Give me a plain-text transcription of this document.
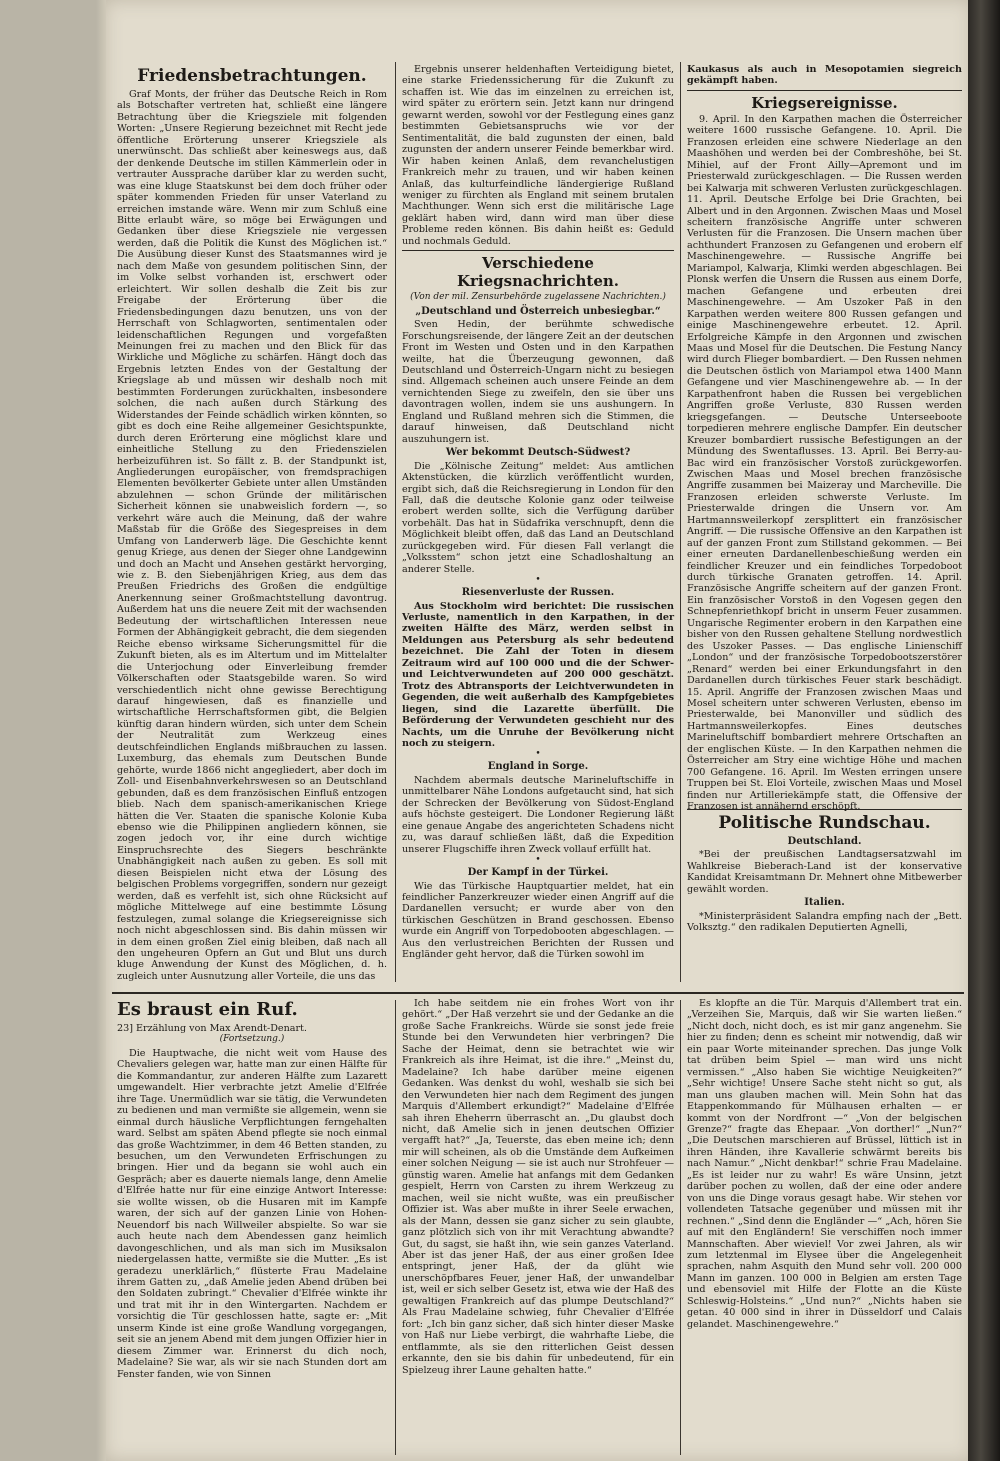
Friedensbetrachtungen.

Graf Monts, der früher das Deutsche Reich in Rom als Botschafter vertreten hat, schließt eine längere Betrachtung über die Kriegsziele mit folgenden Worten: „Unsere Regierung bezeichnet mit Recht jede öffentliche Erörterung unserer Kriegsziele als unerwünscht. Das schließt aber keineswegs aus, daß der denkende Deutsche im stillen Kämmerlein oder in vertrauter Aussprache darüber klar zu werden sucht, was eine kluge Staatskunst bei dem doch früher oder später kommenden Frieden für unser Vaterland zu erreichen imstande wäre. Wenn mir zum Schluß eine Bitte erlaubt wäre, so möge bei Erwägungen und Gedanken über diese Kriegsziele nie vergessen werden, daß die Politik die Kunst des Möglichen ist.“ Die Ausübung dieser Kunst des Staatsmannes wird je nach dem Maße von gesundem politischen Sinn, der im Volke selbst vorhanden ist, erschwert oder erleichtert. Wir sollen deshalb die Zeit bis zur Freigabe der Erörterung über die Friedensbedingungen dazu benutzen, uns von der Herrschaft von Schlagworten, sentimentalen oder leidenschaftlichen Regungen und vorgefaßten Meinungen frei zu machen und den Blick für das Wirkliche und Mögliche zu schärfen. Hängt doch das Ergebnis letzten Endes von der Gestaltung der Kriegslage ab und müssen wir deshalb noch mit bestimmten Forderungen zurückhalten, insbesondere solchen, die nach außen durch Stärkung des Widerstandes der Feinde schädlich wirken könnten, so gibt es doch eine Reihe allgemeiner Gesichtspunkte, durch deren Erörterung eine möglichst klare und einheitliche Stellung zu den Friedenszielen herbeizuführen ist. So fällt z. B. der Standpunkt ist, Angliederungen europäischer, von fremdsprachigen Elementen bevölkerter Gebiete unter allen Umständen abzulehnen — schon Gründe der militärischen Sicherheit können sie unabweislich fordern —, so verkehrt wäre auch die Meinung, daß der wahre Maßstab für die Größe des Siegespreises in dem Umfang von Landerwerb läge. Die Geschichte kennt genug Kriege, aus denen der Sieger ohne Landgewinn und doch an Macht und Ansehen gestärkt hervorging, wie z. B. den Siebenjährigen Krieg, aus dem das Preußen Friedrichs des Großen die endgültige Anerkennung seiner Großmachtstellung davontrug. Außerdem hat uns die neuere Zeit mit der wachsenden Bedeutung der wirtschaftlichen Interessen neue Formen der Abhängigkeit gebracht, die dem siegenden Reiche ebenso wirksame Sicherungsmittel für die Zukunft bieten, als es im Altertum und im Mittelalter die Unterjochung oder Einverleibung fremder Völkerschaften oder Staatsgebilde waren. So wird verschiedentlich nicht ohne gewisse Berechtigung darauf hingewiesen, daß es finanzielle und wirtschaftliche Herrschaftsformen gibt, die Belgien künftig daran hindern würden, sich unter dem Schein der Neutralität zum Werkzeug eines deutschfeindlichen Englands mißbrauchen zu lassen. Luxemburg, das ehemals zum Deutschen Bunde gehörte, wurde 1866 nicht angegliedert, aber doch im Zoll- und Eisenbahnverkehrswesen so an Deutschland gebunden, daß es dem französischen Einfluß entzogen blieb. Nach dem spanisch-amerikanischen Kriege hätten die Ver. Staaten die spanische Kolonie Kuba ebenso wie die Philippinen angliedern können, sie zogen jedoch vor, ihr eine durch wichtige Einspruchsrechte des Siegers beschränkte Unabhängigkeit nach außen zu geben. Es soll mit diesen Beispielen nicht etwa der Lösung des belgischen Problems vorgegriffen, sondern nur gezeigt werden, daß es verfehlt ist, sich ohne Rücksicht auf mögliche Mittelwege auf eine bestimmte Lösung festzulegen, zumal solange die Kriegsereignisse sich noch nicht abgeschlossen sind. Bis dahin müssen wir in dem einen großen Ziel einig bleiben, daß nach all den ungeheuren Opfern an Gut und Blut uns durch kluge Anwendung der Kunst des Möglichen, d. h. zugleich unter Ausnutzung aller Vorteile, die uns das

Ergebnis unserer heldenhaften Verteidigung bietet, eine starke Friedenssicherung für die Zukunft zu schaffen ist. Wie das im einzelnen zu erreichen ist, wird später zu erörtern sein. Jetzt kann nur dringend gewarnt werden, sowohl vor der Festlegung eines ganz bestimmten Gebietsanspruchs wie vor der Sentimentalität, die bald zugunsten der einen, bald zugunsten der andern unserer Feinde bemerkbar wird. Wir haben keinen Anlaß, dem revanchelustigen Frankreich mehr zu trauen, und wir haben keinen Anlaß, das kulturfeindliche ländergierige Rußland weniger zu fürchten als England mit seinem brutalen Machthunger. Wenn sich erst die militärische Lage geklärt haben wird, dann wird man über diese Probleme reden können. Bis dahin heißt es: Geduld und nochmals Geduld.

Verschiedene Kriegsnachrichten.
(Von der mil. Zensurbehörde zugelassene Nachrichten.)
„Deutschland und Österreich unbesiegbar.“

Sven Hedin, der berühmte schwedische Forschungsreisende, der längere Zeit an der deutschen Front im Westen und Osten und in den Karpathen weilte, hat die Überzeugung gewonnen, daß Deutschland und Österreich-Ungarn nicht zu besiegen sind. Allgemach scheinen auch unsere Feinde an dem vernichtenden Siege zu zweifeln, den sie über uns davontragen wollen, indem sie uns aushungern. In England und Rußland mehren sich die Stimmen, die darauf hinweisen, daß Deutschland nicht auszuhungern ist.

Wer bekommt Deutsch-Südwest?

Die „Kölnische Zeitung“ meldet: Aus amtlichen Aktenstücken, die kürzlich veröffentlicht wurden, ergibt sich, daß die Reichsregierung in London für den Fall, daß die deutsche Kolonie ganz oder teilweise erobert werden sollte, sich die Verfügung darüber vorbehält. Das hat in Südafrika verschnupft, denn die Möglichkeit bleibt offen, daß das Land an Deutschland zurückgegeben wird. Für diesen Fall verlangt die „Volksstem“ schon jetzt eine Schadloshaltung an anderer Stelle.

•
Riesenverluste der Russen.

Aus Stockholm wird berichtet: Die russischen Verluste, namentlich in den Karpathen, in der zweiten Hälfte des März, werden selbst in Meldungen aus Petersburg als sehr bedeutend bezeichnet. Die Zahl der Toten in diesem Zeitraum wird auf 100 000 und die der Schwer- und Leichtverwundeten auf 200 000 geschätzt. Trotz des Abtransports der Leichtverwundeten in Gegenden, die weit außerhalb des Kampfgebietes liegen, sind die Lazarette überfüllt. Die Beförderung der Verwundeten geschieht nur des Nachts, um die Unruhe der Bevölkerung nicht noch zu steigern.

•
England in Sorge.

Nachdem abermals deutsche Marineluftschiffe in unmittelbarer Nähe Londons aufgetaucht sind, hat sich der Schrecken der Bevölkerung von Südost-England aufs höchste gesteigert. Die Londoner Regierung läßt eine genaue Angabe des angerichteten Schadens nicht zu, was darauf schließen läßt, daß die Expedition unserer Flugschiffe ihren Zweck vollauf erfüllt hat.

•
Der Kampf in der Türkei.

Wie das Türkische Hauptquartier meldet, hat ein feindlicher Panzerkreuzer wieder einen Angriff auf die Dardanellen versucht; er wurde aber von den türkischen Geschützen in Brand geschossen. Ebenso wurde ein Angriff von Torpedobooten abgeschlagen. — Aus den verlustreichen Berichten der Russen und Engländer geht hervor, daß die Türken sowohl im

Kaukasus als auch in Mesopotamien siegreich gekämpft haben.

Kriegsereignisse.

9. April. In den Karpathen machen die Österreicher weitere 1600 russische Gefangene. 10. April. Die Franzosen erleiden eine schwere Niederlage an den Maashöhen und werden bei der Combreshöhe, bei St. Mihiel, auf der Front Ailly—Apremont und im Priesterwald zurückgeschlagen. — Die Russen werden bei Kalwarja mit schweren Verlusten zurückgeschlagen. 11. April. Deutsche Erfolge bei Drie Grachten, bei Albert und in den Argonnen. Zwischen Maas und Mosel scheitern französische Angriffe unter schweren Verlusten für die Franzosen. Die Unsern machen über achthundert Franzosen zu Gefangenen und erobern elf Maschinengewehre. — Russische Angriffe bei Mariampol, Kalwarja, Klimki werden abgeschlagen. Bei Plonsk werfen die Unsern die Russen aus einem Dorfe, machen Gefangene und erbeuten drei Maschinengewehre. — Am Uszoker Paß in den Karpathen werden weitere 800 Russen gefangen und einige Maschinengewehre erbeutet. 12. April. Erfolgreiche Kämpfe in den Argonnen und zwischen Maas und Mosel für die Deutschen. Die Festung Nancy wird durch Flieger bombardiert. — Den Russen nehmen die Deutschen östlich von Mariampol etwa 1400 Mann Gefangene und vier Maschinengewehre ab. — In der Karpathenfront haben die Russen bei vergeblichen Angriffen große Verluste, 830 Russen werden kriegsgefangen. — Deutsche Unterseeboote torpedieren mehrere englische Dampfer. Ein deutscher Kreuzer bombardiert russische Befestigungen an der Mündung des Swentaflusses. 13. April. Bei Berry-au-Bac wird ein französischer Vorstoß zurückgeworfen. Zwischen Maas und Mosel brechen französische Angriffe zusammen bei Maizeray und Marcheville. Die Franzosen erleiden schwerste Verluste. Im Priesterwalde dringen die Unsern vor. Am Hartmannsweilerkopf zersplittert ein französischer Angriff. — Die russische Offensive an den Karpathen ist auf der ganzen Front zum Stillstand gekommen. — Bei einer erneuten Dardanellenbeschießung werden ein feindlicher Kreuzer und ein feindliches Torpedoboot durch türkische Granaten getroffen. 14. April. Französische Angriffe scheitern auf der ganzen Front. Ein französischer Vorstoß in den Vogesen gegen den Schnepfenriethkopf bricht in unserm Feuer zusammen. Ungarische Regimenter erobern in den Karpathen eine bisher von den Russen gehaltene Stellung nordwestlich des Uszoker Passes. — Das englische Linienschiff „London“ und der französische Torpedobootszerstörer „Renard“ werden bei einer Erkundungsfahrt in den Dardanellen durch türkisches Feuer stark beschädigt. 15. April. Angriffe der Franzosen zwischen Maas und Mosel scheitern unter schweren Verlusten, ebenso im Priesterwalde, bei Manonviller und südlich des Hartmannsweilerkopfes. Eines deutsches Marineluftschiff bombardiert mehrere Ortschaften an der englischen Küste. — In den Karpathen nehmen die Österreicher am Stry eine wichtige Höhe und machen 700 Gefangene. 16. April. Im Westen erringen unsere Truppen bei St. Eloi Vorteile, zwischen Maas und Mosel finden nur Artilleriekämpfe statt, die Offensive der Franzosen ist annähernd erschöpft.

Politische Rundschau.
Deutschland.

*Bei der preußischen Landtagsersatzwahl im Wahlkreise Bieberach-Land ist der konservative Kandidat Kreisamtmann Dr. Mehnert ohne Mitbewerber gewählt worden.

Italien.

*Ministerpräsident Salandra empfing nach der „Bett. Volksztg.“ den radikalen Deputierten Agnelli,

Es braust ein Ruf.
23] Erzählung von Max Arendt-Denart.
(Fortsetzung.)

Die Hauptwache, die nicht weit vom Hause des Chevaliers gelegen war, hatte man zur einen Hälfte für die Kommandantur, zur anderen Hälfte zum Lazarett umgewandelt. Hier verbrachte jetzt Amelie d'Elfrée ihre Tage. Unermüdlich war sie tätig, die Verwundeten zu bedienen und man vermißte sie allgemein, wenn sie einmal durch häusliche Verpflichtungen ferngehalten ward. Selbst am späten Abend pflegte sie noch einmal das große Wachtzimmer, in dem 46 Betten standen, zu besuchen, um den Verwundeten Erfrischungen zu bringen. Hier und da begann sie wohl auch ein Gespräch; aber es dauerte niemals lange, denn Amelie d'Elfrée hatte nur für eine einzige Antwort Interesse: sie wollte wissen, ob die Husaren mit im Kampfe waren, der sich auf der ganzen Linie von Hohen-Neuendorf bis nach Willweiler abspielte. So war sie auch heute nach dem Abendessen ganz heimlich davongeschlichen, und als man sich im Musiksalon niedergelassen hatte, vermißte sie die Mutter. „Es ist geradezu unerklärlich,“ flüsterte Frau Madelaine ihrem Gatten zu, „daß Amelie jeden Abend drüben bei den Soldaten zubringt.“ Chevalier d'Elfrée winkte ihr und trat mit ihr in den Wintergarten. Nachdem er vorsichtig die Tür geschlossen hatte, sagte er: „Mit unserm Kinde ist eine große Wandlung vorgegangen, seit sie an jenem Abend mit dem jungen Offizier hier in diesem Zimmer war. Erinnerst du dich noch, Madelaine? Sie war, als wir sie nach Stunden dort am Fenster fanden, wie von Sinnen

Ich habe seitdem nie ein frohes Wort von ihr gehört.“ „Der Haß verzehrt sie und der Gedanke an die große Sache Frankreichs. Würde sie sonst jede freie Stunde bei den Verwundeten hier verbringen? Die Sache der Heimat, denn sie betrachtet wie wir Frankreich als ihre Heimat, ist die ihre.“ „Meinst du, Madelaine? Ich habe darüber meine eigenen Gedanken. Was denkst du wohl, weshalb sie sich bei den Verwundeten hier nach dem Regiment des jungen Marquis d'Allembert erkundigt?“ Madelaine d'Elfrée sah ihren Eheherrn überrascht an. „Du glaubst doch nicht, daß Amelie sich in jenen deutschen Offizier vergafft hat?“ „Ja, Teuerste, das eben meine ich; denn mir will scheinen, als ob die Umstände dem Aufkeimen einer solchen Neigung — sie ist auch nur Strohfeuer — günstig waren. Amelie hat anfangs mit dem Gedanken gespielt, Herrn von Carsten zu ihrem Werkzeug zu machen, weil sie nicht wußte, was ein preußischer Offizier ist. Was aber mußte in ihrer Seele erwachen, als der Mann, dessen sie ganz sicher zu sein glaubte, ganz plötzlich sich von ihr mit Verachtung abwandte? Gut, du sagst, sie haßt ihn, wie sein ganzes Vaterland. Aber ist das jener Haß, der aus einer großen Idee entspringt, jener Haß, der da glüht wie unerschöpfbares Feuer, jener Haß, der unwandelbar ist, weil er sich selber Gesetz ist, etwa wie der Haß des gewaltigen Frankreich auf das plumpe Deutschland?“ Als Frau Madelaine schwieg, fuhr Chevalier d'Elfrée fort: „Ich bin ganz sicher, daß sich hinter dieser Maske von Haß nur Liebe verbirgt, die wahrhafte Liebe, die entflammte, als sie den ritterlichen Geist dessen erkannte, den sie bis dahin für unbedeutend, für ein Spielzeug ihrer Laune gehalten hatte.“

Es klopfte an die Tür. Marquis d'Allembert trat ein. „Verzeihen Sie, Marquis, daß wir Sie warten ließen.“ „Nicht doch, nicht doch, es ist mir ganz angenehm. Sie hier zu finden; denn es scheint mir notwendig, daß wir ein paar Worte miteinander sprechen. Das junge Volk tat drüben beim Spiel — man wird uns nicht vermissen.“ „Also haben Sie wichtige Neuigkeiten?“ „Sehr wichtige! Unsere Sache steht nicht so gut, als man uns glauben machen will. Mein Sohn hat das Etappenkommando für Mülhausen erhalten — er kommt von der Nordfront —“ „Von der belgischen Grenze?“ fragte das Ehepaar. „Von dorther!“ „Nun?“ „Die Deutschen marschieren auf Brüssel, lüttich ist in ihren Händen, ihre Kavallerie schwärmt bereits bis nach Namur.“ „Nicht denkbar!“ schrie Frau Madelaine. „Es ist leider nur zu wahr! Es wäre Unsinn, jetzt darüber pochen zu wollen, daß der eine oder andere von uns die Dinge voraus gesagt habe. Wir stehen vor vollendeten Tatsache gegenüber und müssen mit ihr rechnen.“ „Sind denn die Engländer —“ „Ach, hören Sie auf mit den Engländern! Sie verschiffen noch immer Mannschaften. Aber wieviel! Vor zwei Jahren, als wir zum letztenmal im Elysee über die Angelegenheit sprachen, nahm Asquith den Mund sehr voll. 200 000 Mann im ganzen. 100 000 in Belgien am ersten Tage und ebensoviel mit Hilfe der Flotte an die Küste Schleswig-Holsteins.“ „Und nun?“ „Nichts haben sie getan. 40 000 sind in ihrer in Düsseldorf und Calais gelandet. Maschinengewehre.“
